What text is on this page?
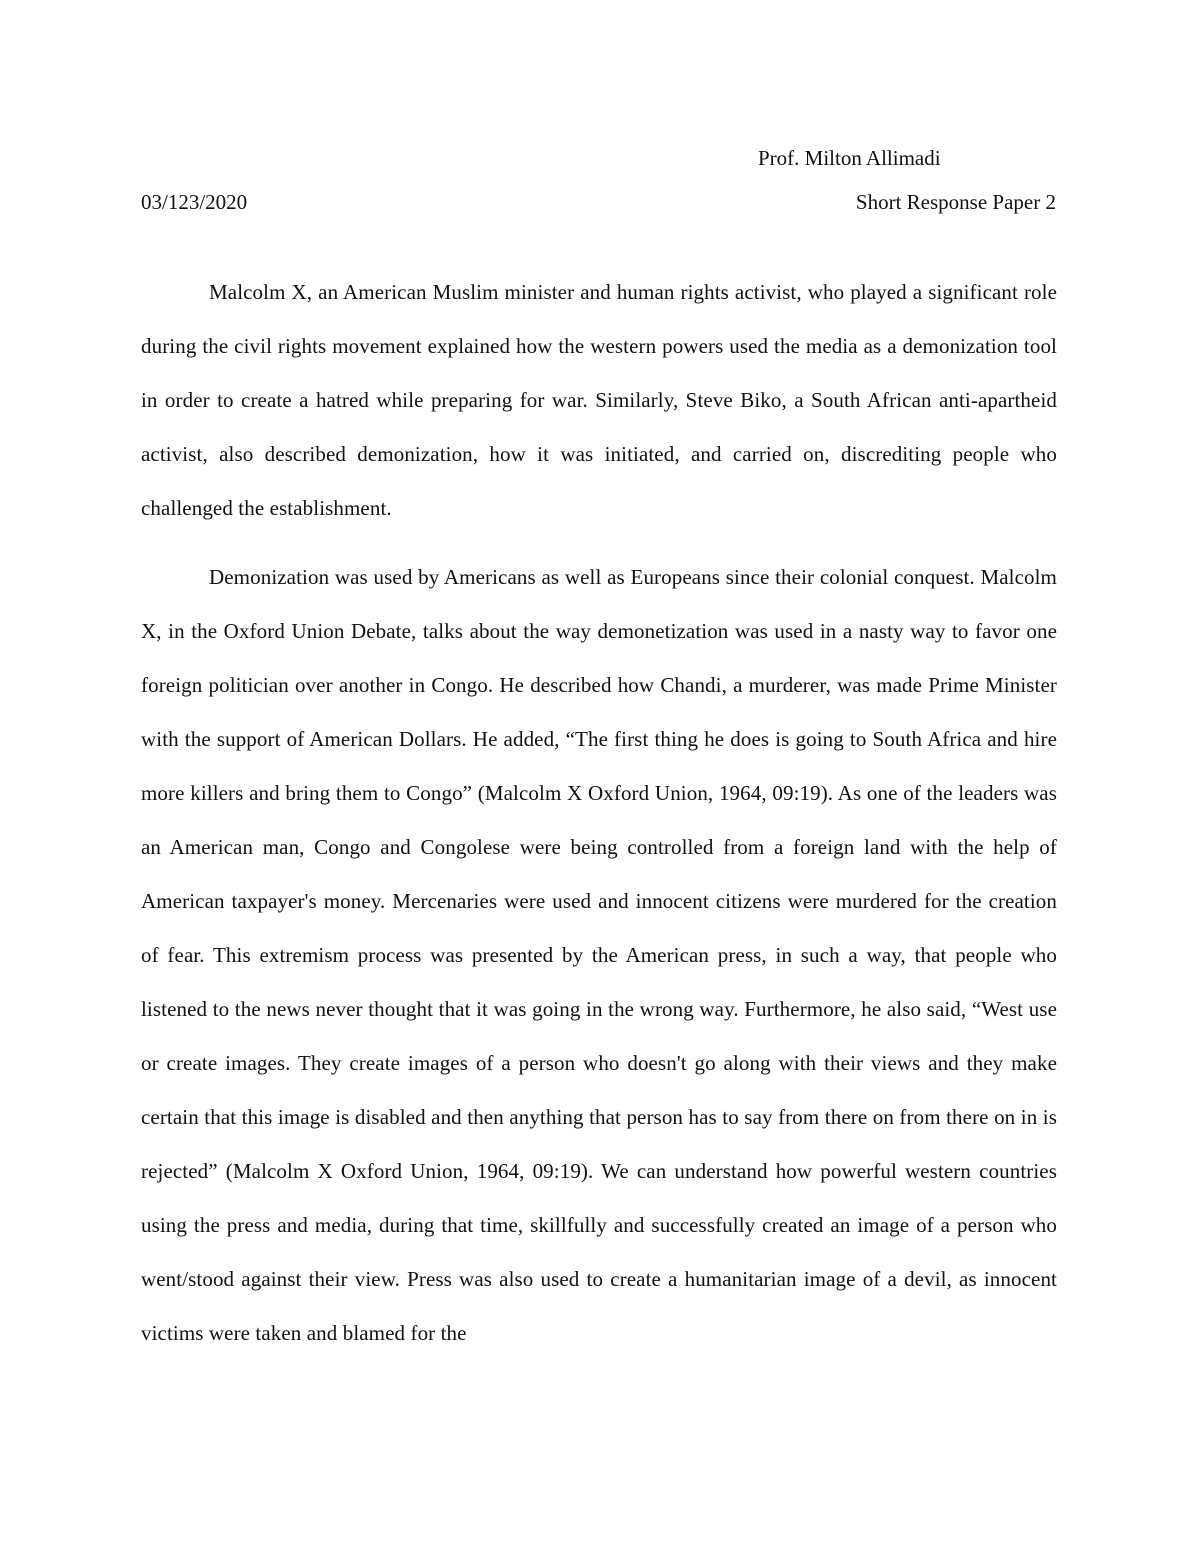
Prof. Milton Allimadi
03/123/2020	Short Response Paper 2

Malcolm X, an American Muslim minister and human rights activist, who played a significant role during the civil rights movement explained how the western powers used the media as a demonization tool in order to create a hatred while preparing for war. Similarly, Steve Biko, a South African anti-apartheid activist, also described demonization, how it was initiated, and carried on, discrediting people who challenged the establishment.

Demonization was used by Americans as well as Europeans since their colonial conquest. Malcolm X, in the Oxford Union Debate, talks about the way demonetization was used in a nasty way to favor one foreign politician over another in Congo. He described how Chandi, a murderer, was made Prime Minister with the support of American Dollars. He added, “The first thing he does is going to South Africa and hire more killers and bring them to Congo” (Malcolm X Oxford Union, 1964, 09:19). As one of the leaders was an American man, Congo and Congolese were being controlled from a foreign land with the help of American taxpayer's money. Mercenaries were used and innocent citizens were murdered for the creation of fear. This extremism process was presented by the American press, in such a way, that people who listened to the news never thought that it was going in the wrong way. Furthermore, he also said, “West use or create images. They create images of a person who doesn't go along with their views and they make certain that this image is disabled and then anything that person has to say from there on from there on in is rejected” (Malcolm X Oxford Union, 1964, 09:19). We can understand how powerful western countries using the press and media, during that time, skillfully and successfully created an image of a person who went/stood against their view. Press was also used to create a humanitarian image of a devil, as innocent victims were taken and blamed for the
